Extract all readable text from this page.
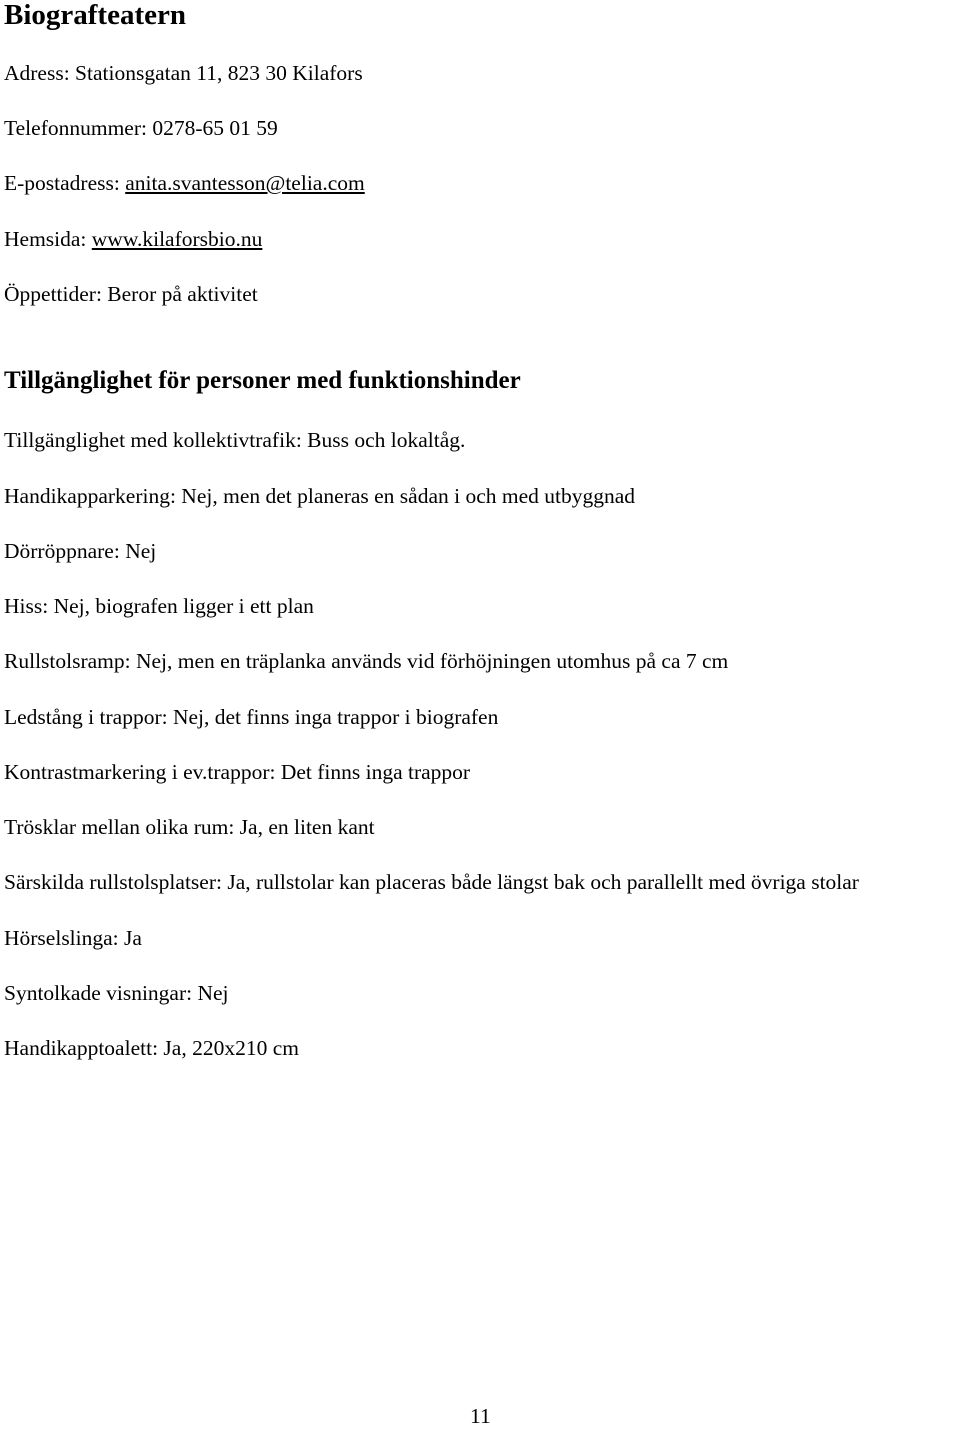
Biografteatern
Adress: Stationsgatan 11, 823 30 Kilafors
Telefonnummer: 0278-65 01 59
E-postadress: anita.svantesson@telia.com
Hemsida: www.kilaforsbio.nu
Öppettider: Beror på aktivitet
Tillgänglighet för personer med funktionshinder
Tillgänglighet med kollektivtrafik: Buss och lokaltåg.
Handikapparkering: Nej, men det planeras en sådan i och med utbyggnad
Dörröppnare: Nej
Hiss: Nej, biografen ligger i ett plan
Rullstolsramp: Nej, men en träplanka används vid förhöjningen utomhus på ca 7 cm
Ledstång i trappor: Nej, det finns inga trappor i biografen
Kontrastmarkering i ev.trappor: Det finns inga trappor
Trösklar mellan olika rum: Ja, en liten kant
Särskilda rullstolsplatser: Ja, rullstolar kan placeras både längst bak och parallellt med övriga stolar
Hörselslinga: Ja
Syntolkade visningar: Nej
Handikapptoalett: Ja, 220x210 cm
11
